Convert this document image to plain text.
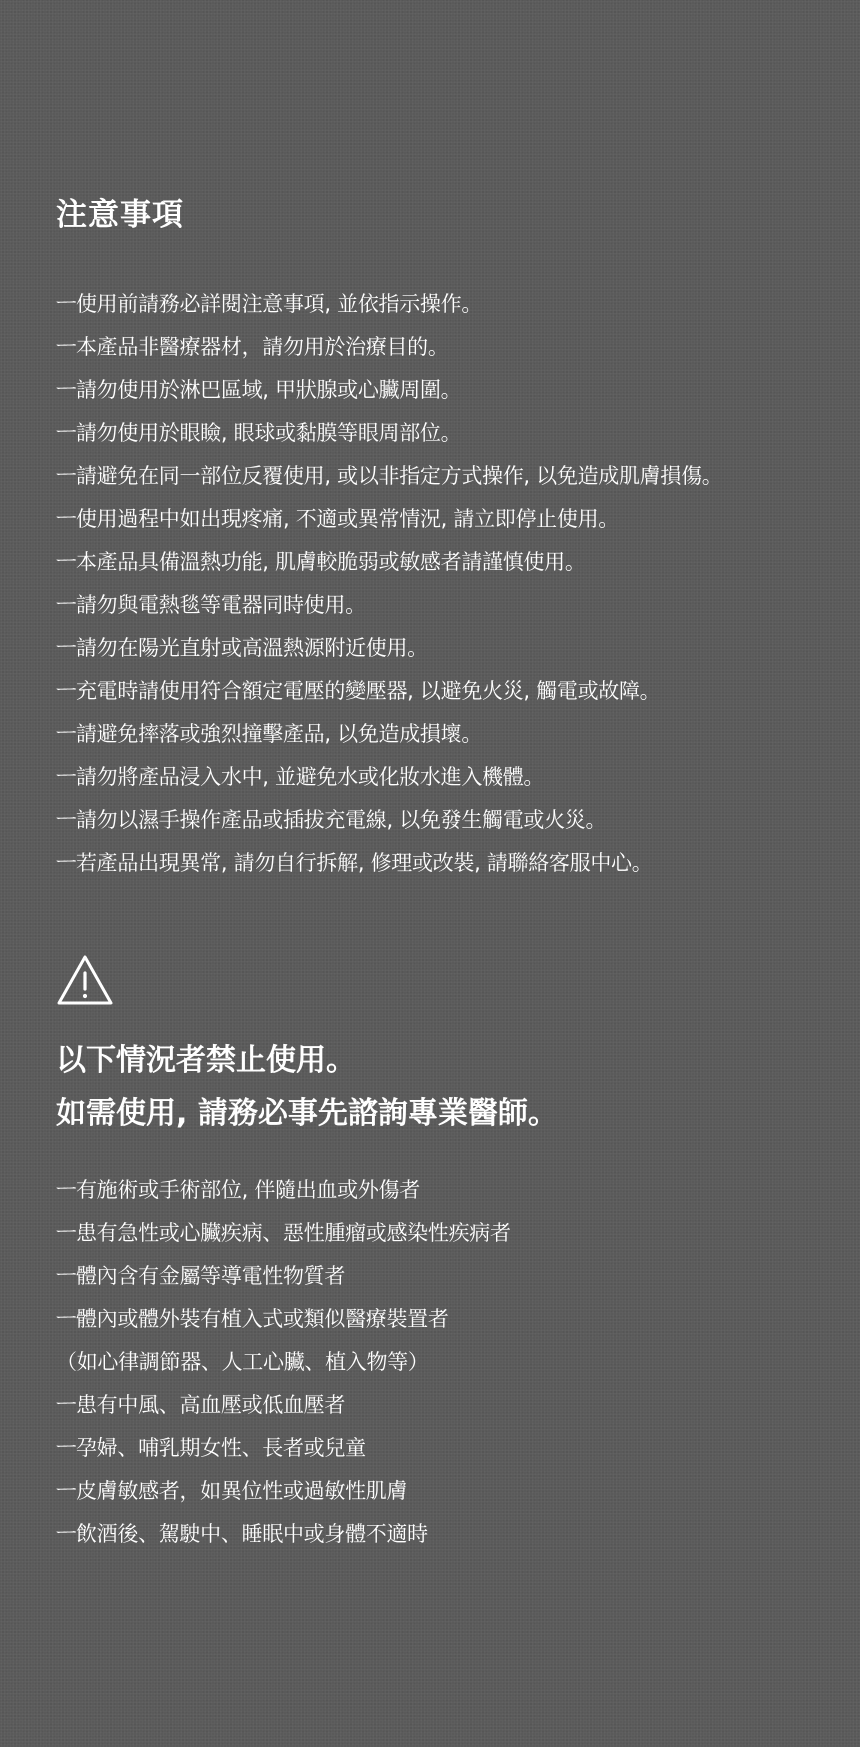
注意事項
ㅡ使用前請務必詳閱注意事項, 並依指示操作。
ㅡ本產品非醫療器材，請勿用於治療目的。
ㅡ請勿使用於淋巴區域, 甲狀腺或心臟周圍。
ㅡ請勿使用於眼瞼, 眼球或黏膜等眼周部位。
ㅡ請避免在同一部位反覆使用, 或以非指定方式操作, 以免造成肌膚損傷。
ㅡ使用過程中如出現疼痛, 不適或異常情況, 請立即停止使用。
ㅡ本產品具備溫熱功能, 肌膚較脆弱或敏感者請謹慎使用。
ㅡ請勿與電熱毯等電器同時使用。
ㅡ請勿在陽光直射或高溫熱源附近使用。
ㅡ充電時請使用符合額定電壓的變壓器, 以避免火災, 觸電或故障。
ㅡ請避免摔落或強烈撞擊產品, 以免造成損壞。
ㅡ請勿將產品浸入水中, 並避免水或化妝水進入機體。
ㅡ請勿以濕手操作產品或插拔充電線, 以免發生觸電或火災。
ㅡ若產品出現異常, 請勿自行拆解, 修理或改裝, 請聯絡客服中心。
以下情況者禁止使用。
如需使用, 請務必事先諮詢專業醫師。
ㅡ有施術或手術部位, 伴隨出血或外傷者
ㅡ患有急性或心臟疾病、惡性腫瘤或感染性疾病者
ㅡ體內含有金屬等導電性物質者
ㅡ體內或體外裝有植入式或類似醫療裝置者
（如心律調節器、人工心臟、植入物等）
ㅡ患有中風、高血壓或低血壓者
ㅡ孕婦、哺乳期女性、長者或兒童
ㅡ皮膚敏感者，如異位性或過敏性肌膚
ㅡ飲酒後、駕駛中、睡眠中或身體不適時
